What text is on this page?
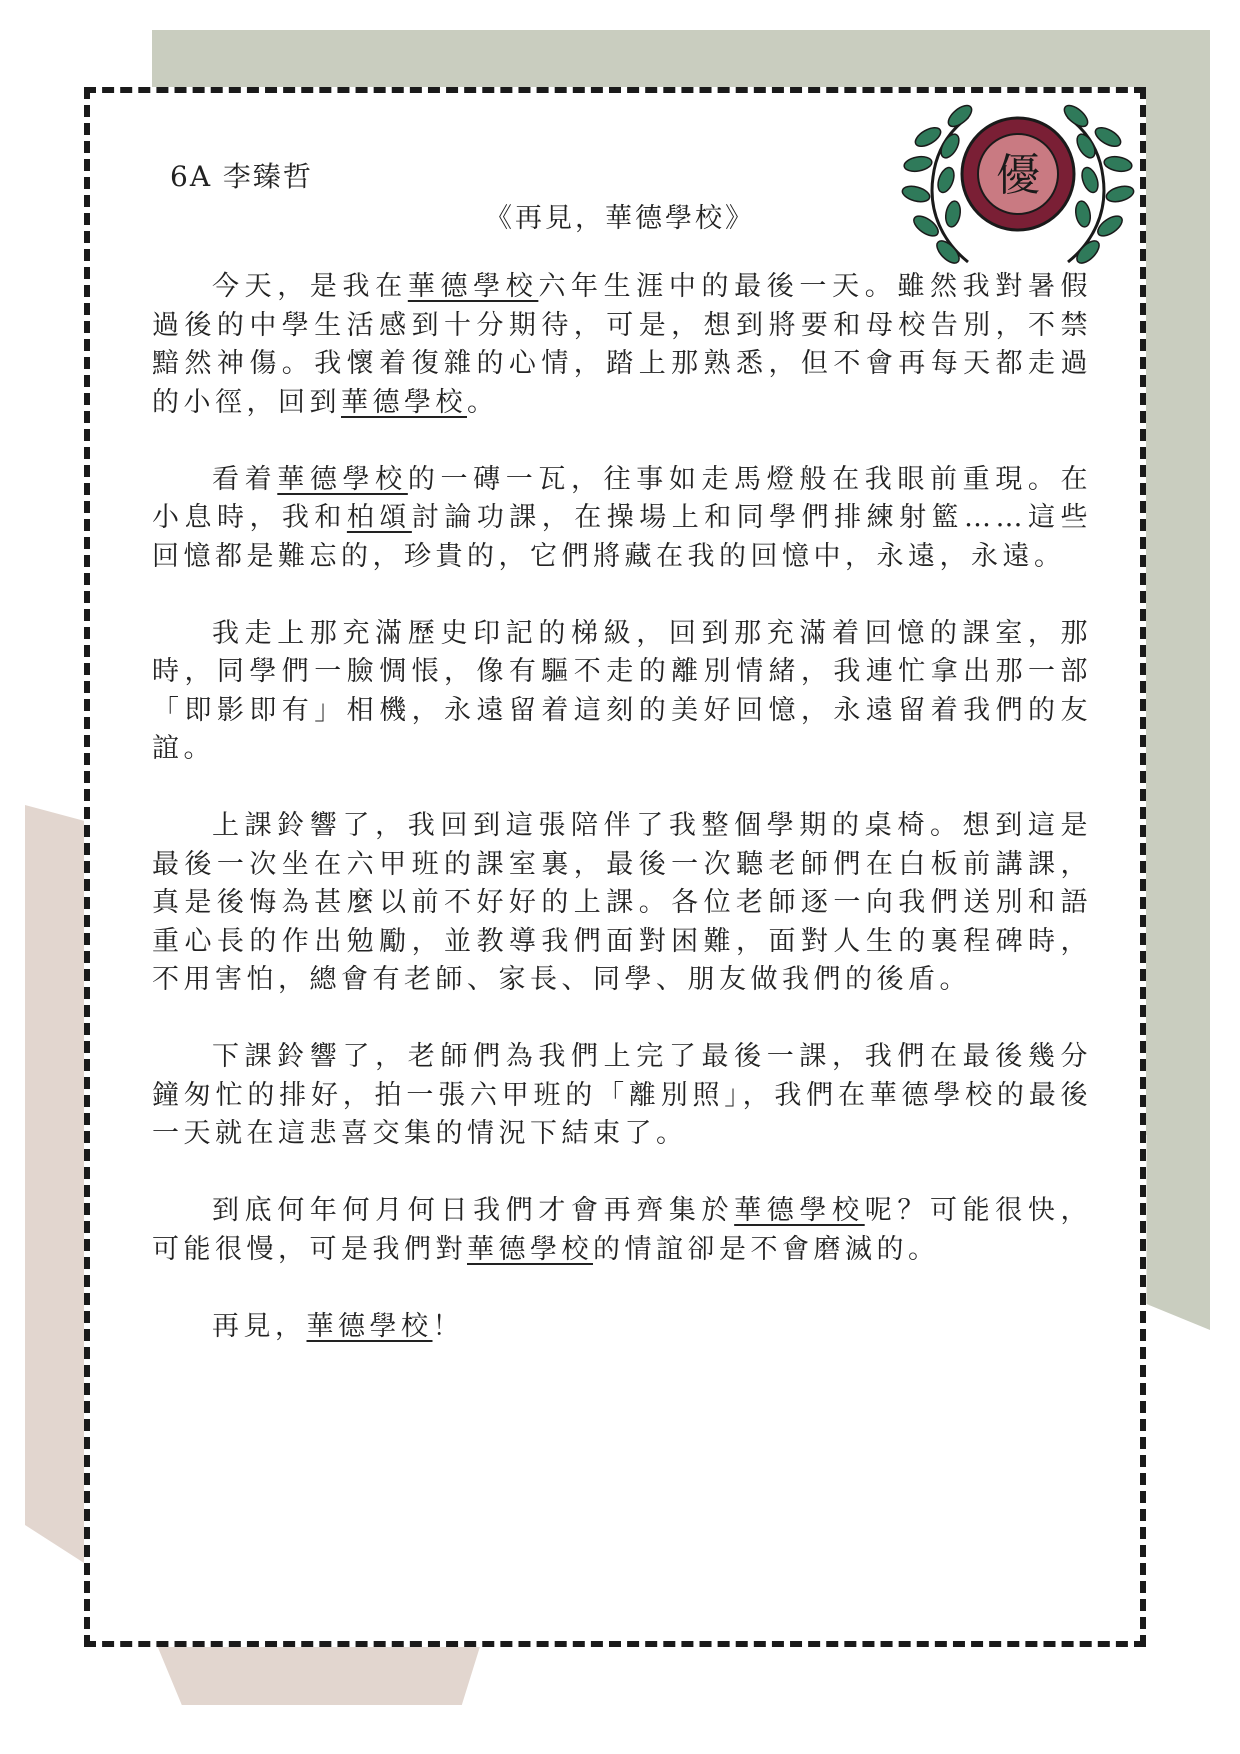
6A 李臻哲
《再見，華德學校》
優

今天，是我在華德學校六年生涯中的最後一天。雖然我對暑假過後的中學生活感到十分期待，可是，想到將要和母校告別，不禁黯然神傷。我懷着復雜的心情，踏上那熟悉，但不會再每天都走過的小徑，回到華德學校。

看着華德學校的一磚一瓦，往事如走馬燈般在我眼前重現。在小息時，我和柏頌討論功課，在操場上和同學們排練射籃……這些回憶都是難忘的，珍貴的，它們將藏在我的回憶中，永遠，永遠。

我走上那充滿歷史印記的梯級，回到那充滿着回憶的課室，那時，同學們一臉惆悵，像有驅不走的離別情緒，我連忙拿出那一部「即影即有」相機，永遠留着這刻的美好回憶，永遠留着我們的友誼。

上課鈴響了，我回到這張陪伴了我整個學期的桌椅。想到這是最後一次坐在六甲班的課室裏，最後一次聽老師們在白板前講課，真是後悔為甚麼以前不好好的上課。各位老師逐一向我們送別和語重心長的作出勉勵，並教導我們面對困難，面對人生的裏程碑時，不用害怕，總會有老師、家長、同學、朋友做我們的後盾。

下課鈴響了，老師們為我們上完了最後一課，我們在最後幾分鐘匆忙的排好，拍一張六甲班的「離別照」，我們在華德學校的最後一天就在這悲喜交集的情況下結束了。

到底何年何月何日我們才會再齊集於華德學校呢？可能很快，可能很慢，可是我們對華德學校的情誼卻是不會磨滅的。

再見，華德學校！
